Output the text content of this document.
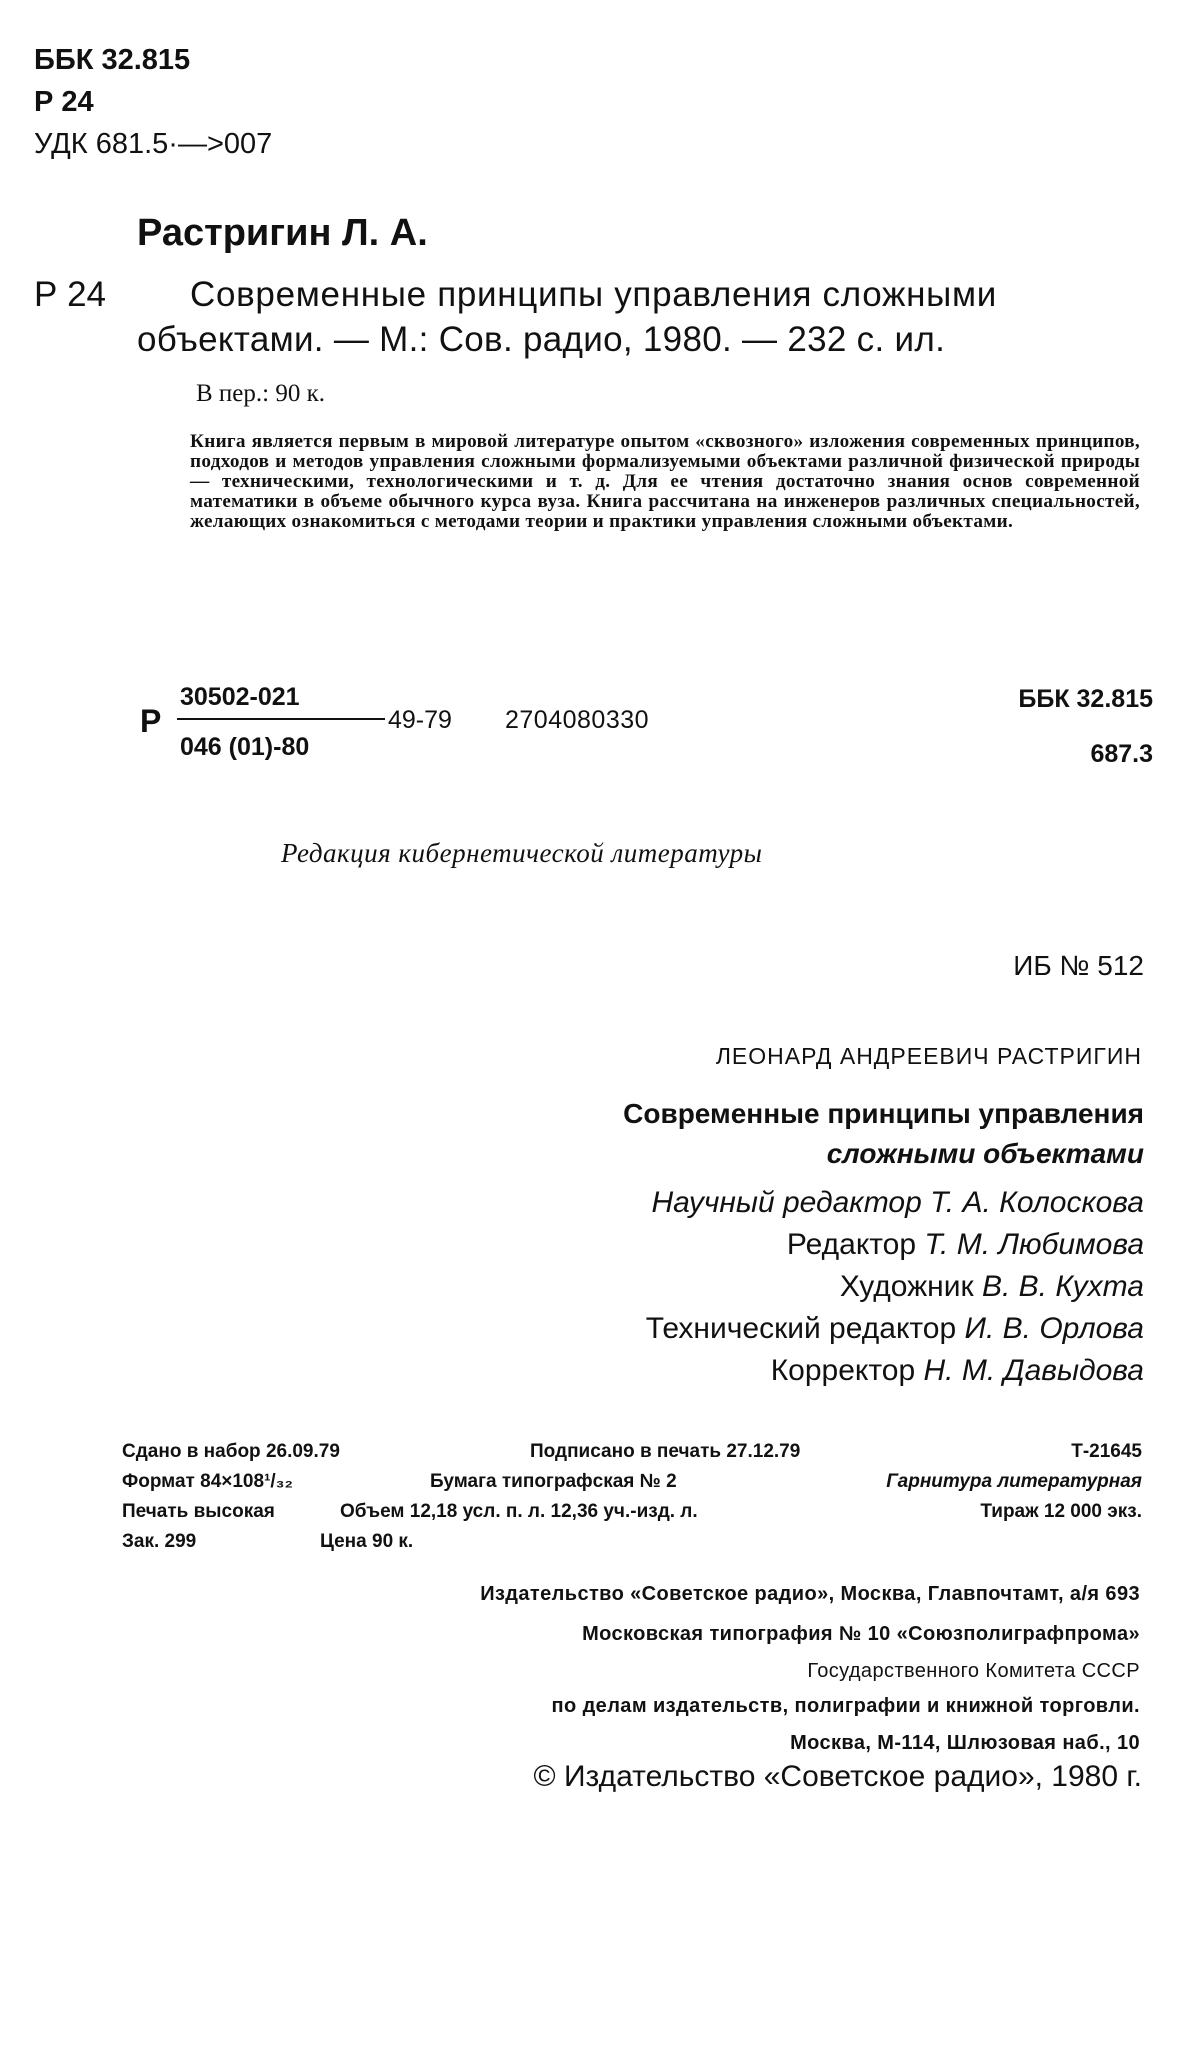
ББК 32.815
Р 24
УДК 681.5·—>007
Растригин Л. А.
Р 24 Современные принципы управления сложными
объектами. — М.: Сов. радио, 1980. — 232 с. ил.
В пер.: 90 к.

Книга является первым в мировой литературе опытом «сквозного» изложения современных принципов, подходов и методов управления сложными формализуемыми объектами различной физической природы — техническими, технологическими и т. д. Для ее чтения достаточно знания основ современной математики в объеме обычного курса вуза. Книга рассчитана на инженеров различных специальностей, желающих ознакомиться с методами теории и практики управления сложными объектами.

Р
30502-021
046 (01)-80
49-79 2704080330
ББК 32.815
687.3
Редакция кибернетической литературы
ИБ № 512
ЛЕОНАРД АНДРЕЕВИЧ РАСТРИГИН
Современные принципы управления
сложными объектами
Научный редактор Т. А. Колоскова
Редактор Т. М. Любимова
Художник В. В. Кухта
Технический редактор И. В. Орлова
Корректор Н. М. Давыдова
Сдано в набор 26.09.79	Подписано в печать 27.12.79	Т-21645
Формат 84×108¹/₃₂	Бумага типографская № 2	Гарнитура литературная
Печать высокая	Объем 12,18 усл. п. л. 12,36 уч.-изд. л.	Тираж 12 000 экз.
Зак. 299	Цена 90 к.
Издательство «Советское радио», Москва, Главпочтамт, а/я 693
Московская типография № 10 «Союзполиграфпрома»
Государственного Комитета СССР
по делам издательств, полиграфии и книжной торговли.
Москва, М-114, Шлюзовая наб., 10
© Издательство «Советское радио», 1980 г.
